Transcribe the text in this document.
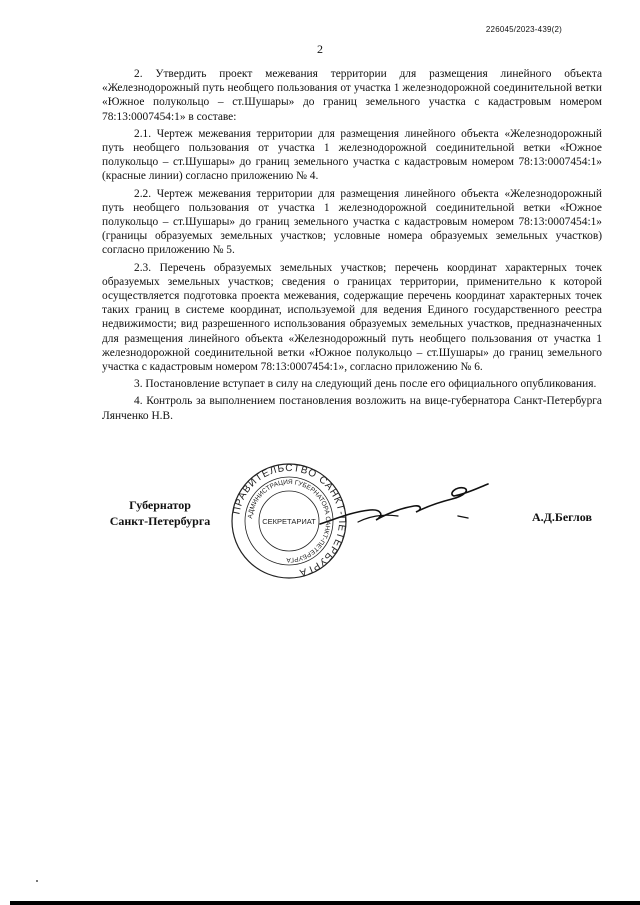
226045/2023-439(2)
2

2. Утвердить проект межевания территории для размещения линейного объекта «Железнодорожный путь необщего пользования от участка 1 железнодорожной соединительной ветки «Южное полукольцо – ст.Шушары» до границ земельного участка с кадастровым номером 78:13:0007454:1» в составе:

2.1. Чертеж межевания территории для размещения линейного объекта «Железнодорожный путь необщего пользования от участка 1 железнодорожной соединительной ветки «Южное полукольцо – ст.Шушары» до границ земельного участка с кадастровым номером 78:13:0007454:1» (красные линии) согласно приложению № 4.

2.2. Чертеж межевания территории для размещения линейного объекта «Железнодорожный путь необщего пользования от участка 1 железнодорожной соединительной ветки «Южное полукольцо – ст.Шушары» до границ земельного участка с кадастровым номером 78:13:0007454:1» (границы образуемых земельных участков; условные номера образуемых земельных участков) согласно приложению № 5.

2.3. Перечень образуемых земельных участков; перечень координат характерных точек образуемых земельных участков; сведения о границах территории, применительно к которой осуществляется подготовка проекта межевания, содержащие перечень координат характерных точек таких границ в системе координат, используемой для ведения Единого государственного реестра недвижимости; вид разрешенного использования образуемых земельных участков, предназначенных для размещения линейного объекта «Железнодорожный путь необщего пользования от участка 1 железнодорожной соединительной ветки «Южное полукольцо – ст.Шушары» до границ земельного участка с кадастровым номером 78:13:0007454:1», согласно приложению № 6.

3. Постановление вступает в силу на следующий день после его официального опубликования.

4. Контроль за выполнением постановления возложить на вице-губернатора Санкт-Петербурга Лянченко Н.В.

Губернатор
Санкт-Петербурга
ПРАВИТЕЛЬСТВО САНКТ-ПЕТЕРБУРГА
АДМИНИСТРАЦИЯ ГУБЕРНАТОРА САНКТ-ПЕТЕРБУРГА
СЕКРЕТАРИАТ	А.Д.Беглов
